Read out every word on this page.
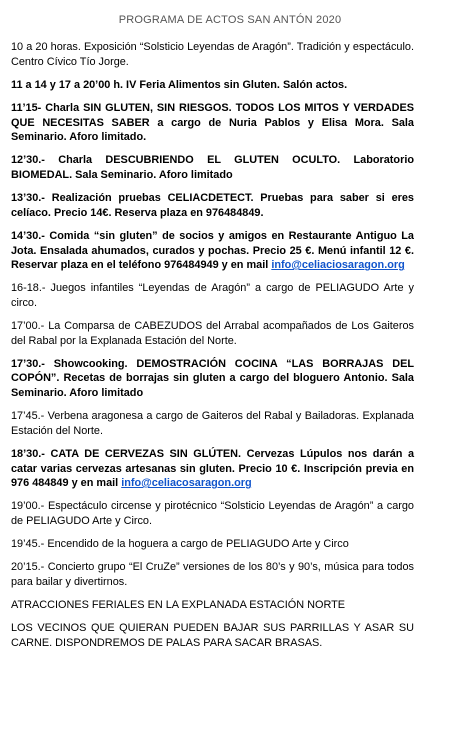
PROGRAMA DE ACTOS SAN ANTÓN 2020

10 a 20 horas. Exposición “Solsticio Leyendas de Aragón”. Tradición y espectáculo. Centro Cívico Tío Jorge.

11 a 14 y 17 a 20’00 h. IV Feria Alimentos sin Gluten. Salón actos.

11’15- Charla SIN GLUTEN, SIN RIESGOS. TODOS LOS MITOS Y VERDADES QUE NECESITAS SABER a cargo de Nuria Pablos y Elisa Mora. Sala Seminario. Aforo limitado.

12’30.- Charla DESCUBRIENDO EL GLUTEN OCULTO. Laboratorio BIOMEDAL. Sala Seminario. Aforo limitado

13’30.- Realización pruebas CELIACDETECT. Pruebas para saber si eres celíaco. Precio 14€. Reserva plaza en 976484849.

14’30.- Comida “sin gluten” de socios y amigos en Restaurante Antiguo La Jota. Ensalada ahumados, curados y pochas. Precio 25 €. Menú infantil 12 €. Reservar plaza en el teléfono 976484949 y en mail info@celiaciosaragon.org

16-18.- Juegos infantiles “Leyendas de Aragón” a cargo de PELIAGUDO Arte y circo.

17’00.- La Comparsa de CABEZUDOS del Arrabal acompañados de Los Gaiteros del Rabal por la Explanada Estación del Norte.

17’30.- Showcooking. DEMOSTRACIÓN COCINA “LAS BORRAJAS DEL COPÓN”. Recetas de borrajas sin gluten a cargo del bloguero Antonio. Sala Seminario. Aforo limitado

17’45.- Verbena aragonesa a cargo de Gaiteros del Rabal y Bailadoras. Explanada Estación del Norte.

18’30.- CATA DE CERVEZAS SIN GLÚTEN. Cervezas Lúpulos nos darán a catar varias cervezas artesanas sin gluten. Precio 10 €. Inscripción previa en 976 484849 y en mail info@celiacosaragon.org

19’00.- Espectáculo circense y pirotécnico “Solsticio Leyendas de Aragón” a cargo de PELIAGUDO Arte y Circo.

19’45.- Encendido de la hoguera a cargo de PELIAGUDO Arte y Circo

20’15.- Concierto grupo “El CruZe” versiones de los 80’s y 90’s, música para todos para bailar y divertirnos.

ATRACCIONES FERIALES EN LA EXPLANADA ESTACIÓN NORTE

LOS VECINOS QUE QUIERAN PUEDEN BAJAR SUS PARRILLAS Y ASAR SU CARNE. DISPONDREMOS DE PALAS PARA SACAR BRASAS.
